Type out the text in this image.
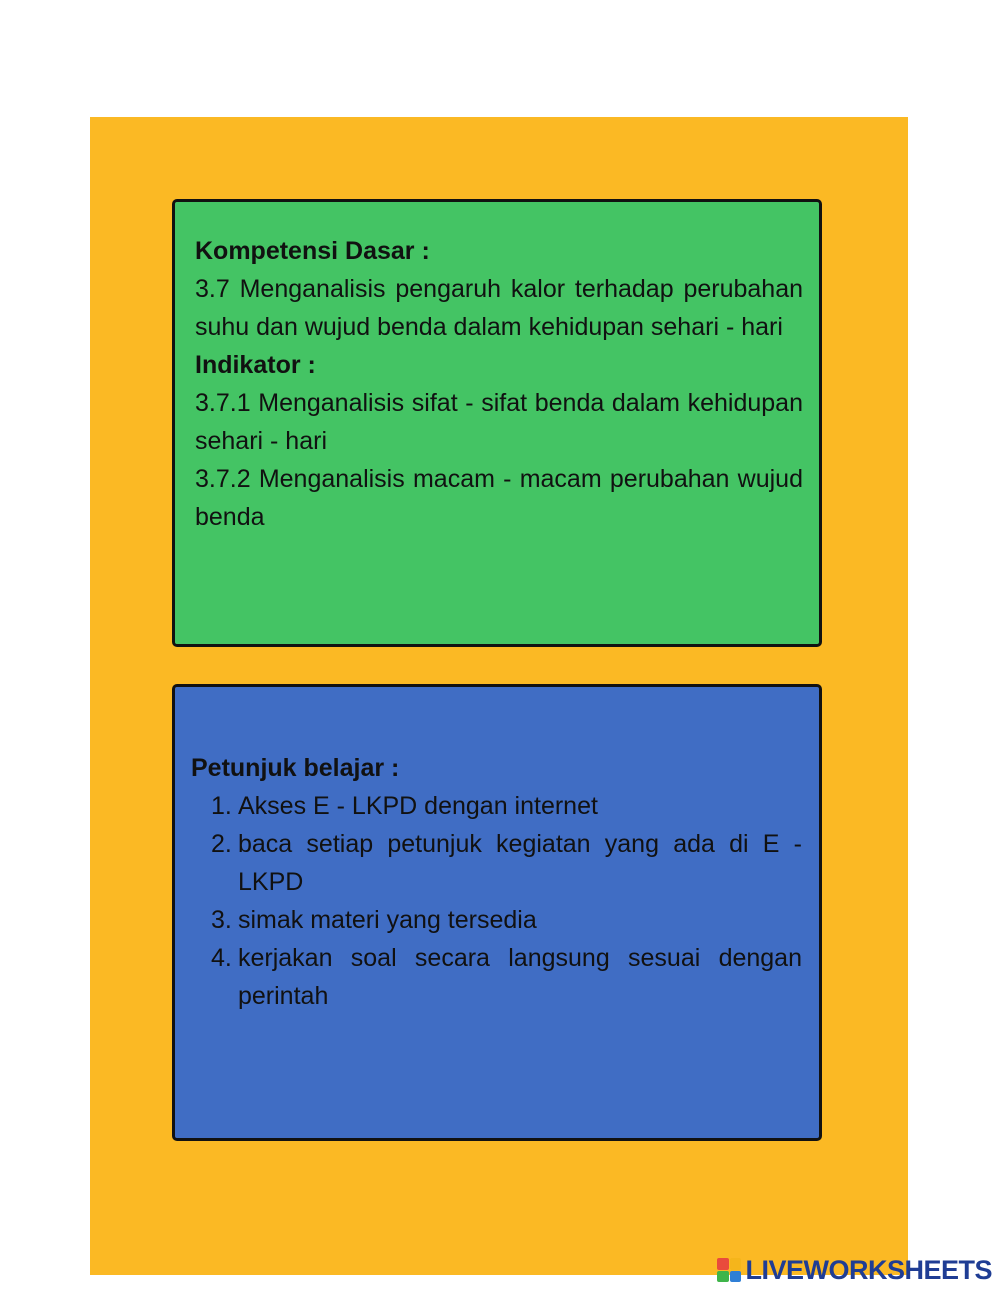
Kompetensi Dasar :

3.7 Menganalisis pengaruh kalor terhadap perubahan suhu dan wujud benda dalam kehidupan sehari - hari

Indikator :

3.7.1 Menganalisis sifat - sifat benda dalam kehidupan sehari - hari

3.7.2 Menganalisis macam - macam perubahan wujud benda

Petunjuk belajar :

1. Akses E - LKPD dengan internet
2. baca setiap petunjuk kegiatan yang ada di E - LKPD
3. simak materi yang tersedia
4. kerjakan soal secara langsung sesuai dengan perintah
LIVEWORKSHEETS
